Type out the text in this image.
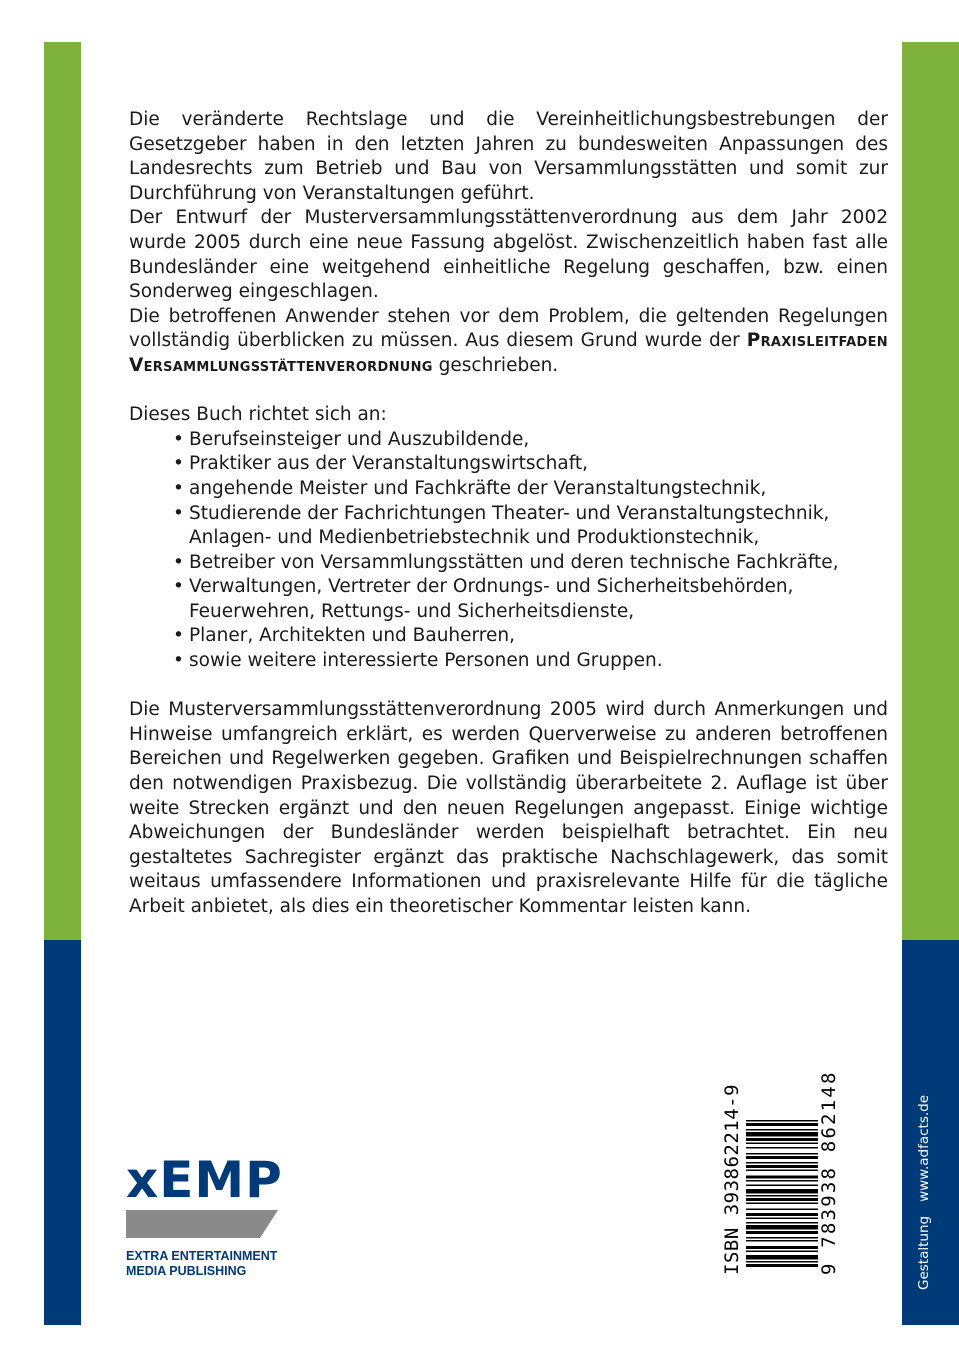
Die veränderte Rechtslage und die Vereinheitlichungsbestrebungen der Gesetzgeber haben in den letzten Jahren zu bundesweiten Anpassungen des Landesrechts zum Betrieb und Bau von Versammlungsstätten und somit zur Durchführung von Veranstaltungen geführt.

Der Entwurf der Musterversammlungsstättenverordnung aus dem Jahr 2002 wurde 2005 durch eine neue Fassung abgelöst. Zwischenzeitlich haben fast alle Bundesländer eine weitgehend einheitliche Regelung geschaffen, bzw. einen Sonderweg eingeschlagen.

Die betroffenen Anwender stehen vor dem Problem, die geltenden Regelungen vollständig überblicken zu müssen. Aus diesem Grund wurde der Praxisleitfaden Versammlungsstättenverordnung geschrieben.

Dieses Buch richtet sich an:

• Berufseinsteiger und Auszubildende,
• Praktiker aus der Veranstaltungswirtschaft,
• angehende Meister und Fachkräfte der Veranstaltungstechnik,
• Studierende der Fachrichtungen Theater- und Veranstaltungstechnik,
Anlagen- und Medienbetriebstechnik und Produktionstechnik,
• Betreiber von Versammlungsstätten und deren technische Fachkräfte,
• Verwaltungen, Vertreter der Ordnungs- und Sicherheitsbehörden,
Feuerwehren, Rettungs- und Sicherheitsdienste,
• Planer, Architekten und Bauherren,
• sowie weitere interessierte Personen und Gruppen.

Die Musterversammlungsstättenverordnung 2005 wird durch Anmerkungen und Hinweise umfangreich erklärt, es werden Querverweise zu anderen betroffenen Bereichen und Regelwerken gegeben. Grafiken und Beispielrechnungen schaffen den notwendigen Praxisbezug. Die vollständig überarbeitete 2. Auflage ist über weite Strecken ergänzt und den neuen Regelungen angepasst. Einige wichtige Abweichungen der Bundesländer werden beispielhaft betrachtet. Ein neu gestaltetes Sachregister ergänzt das praktische Nachschlagewerk, das somit weitaus umfassendere Informationen und praxisrelevante Hilfe für die tägliche Arbeit anbietet, als dies ein theoretischer Kommentar leisten kann.

xEMP
EXTRA ENTERTAINMENT
MEDIA PUBLISHING	ISBN 393862214-9	9 783938 862148	Gestaltungwww.adfacts.de
